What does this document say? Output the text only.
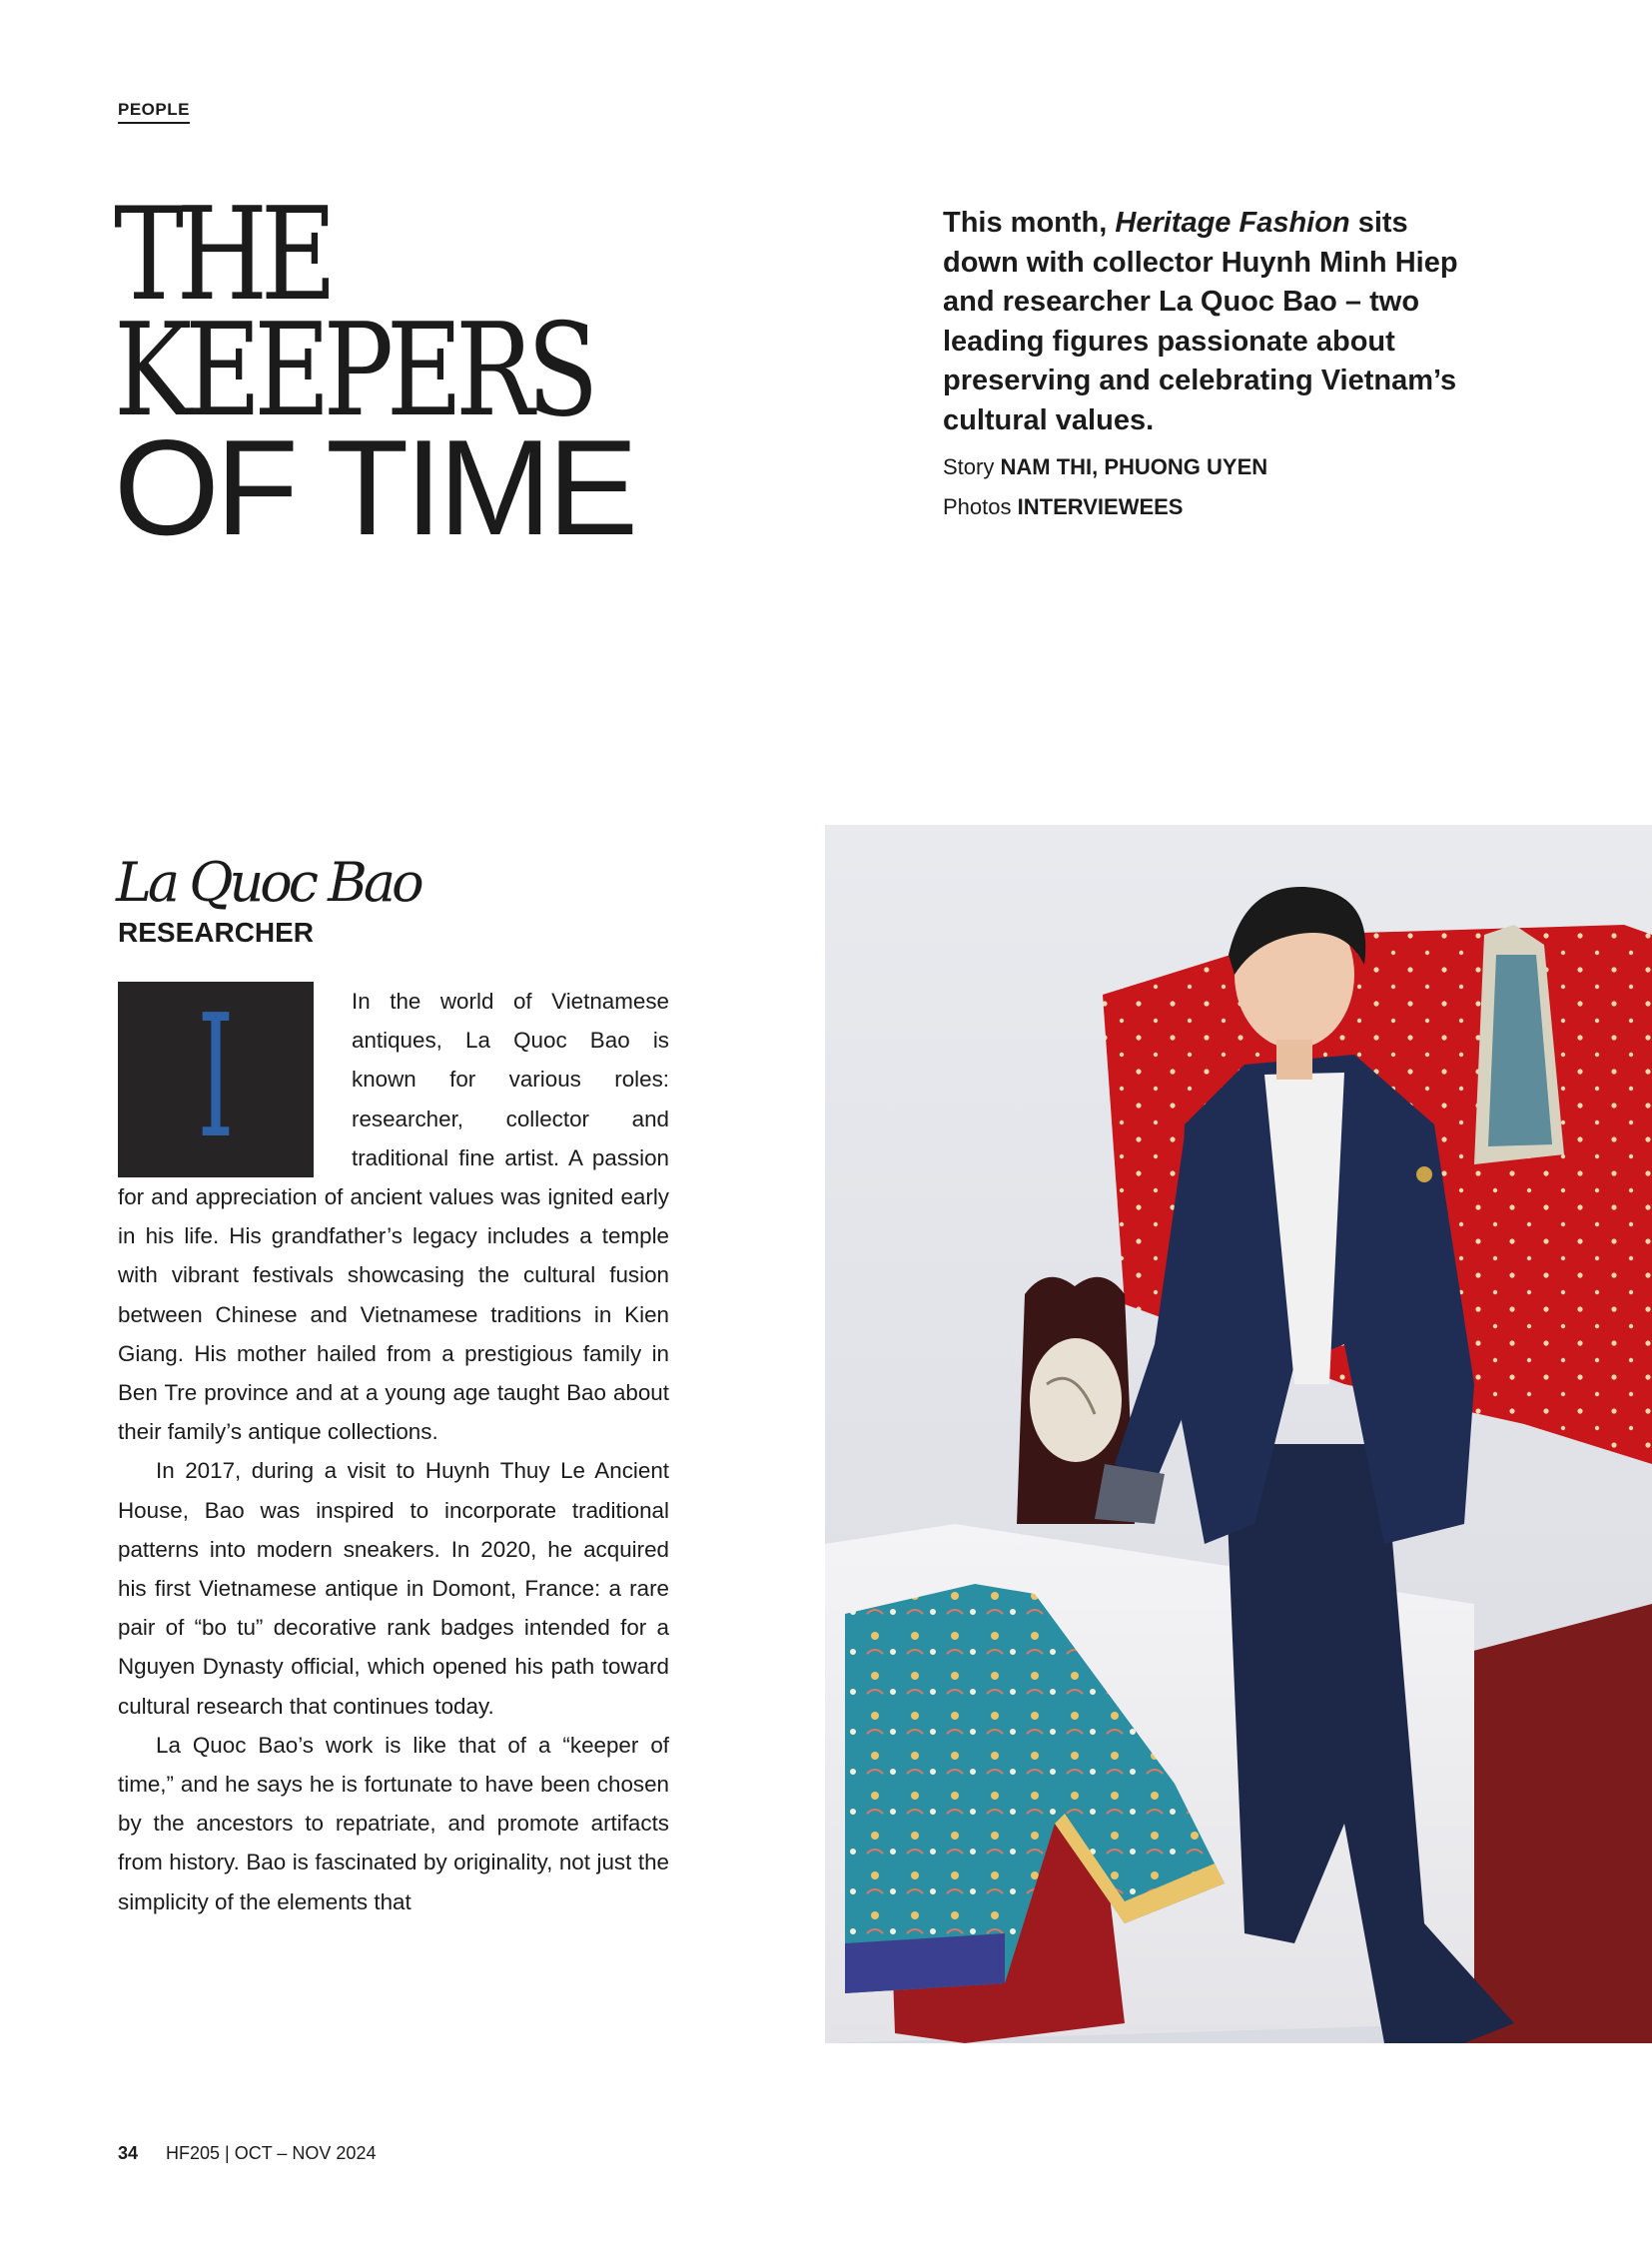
PEOPLE
THE
KEEPERS
OF TIME
This month, Heritage Fashion sits down with collector Huynh Minh Hiep and researcher La Quoc Bao – two leading figures passionate about preserving and celebrating Vietnam’s cultural values.
Story NAM THI, PHUONG UYEN
Photos INTERVIEWEES
La Quoc Bao
RESEARCHER
I	In the world of Vietnamese antiques, La Quoc Bao is known for various roles: researcher, collector and traditional fine artist. A passion for and appreciation of ancient values was ignited early in his life. His grandfather’s legacy includes a temple with vibrant festivals showcasing the cultural fusion between Chinese and Vietnamese traditions in Kien Giang. His mother hailed from a prestigious family in Ben Tre province and at a young age taught Bao about their family’s antique collections.

In 2017, during a visit to Huynh Thuy Le Ancient House, Bao was inspired to incorporate traditional patterns into modern sneakers. In 2020, he acquired his first Vietnamese antique in Domont, France: a rare pair of “bo tu” decorative rank badges intended for a Nguyen Dynasty official, which opened his path toward cultural research that continues today.

La Quoc Bao’s work is like that of a “keeper of time,” and he says he is fortunate to have been chosen by the ancestors to repatriate, and promote artifacts from history. Bao is fascinated by originality, not just the simplicity of the elements that

34 HF205 | OCT – NOV 2024
